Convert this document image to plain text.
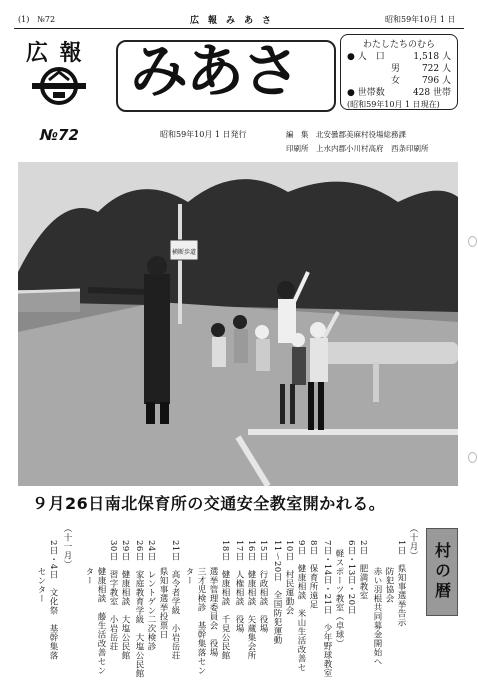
(1)　№72	広　報　み　あ　さ	昭和59年10月 1 日
広 報 みあさ	わたしたちのむら
● 人　口	1,518 人
男 722 人
女 796 人
● 世帯数	428 世帯
(昭和59年10月 1 日現在)
№72	昭和59年10月 1 日発行	編　集　 北安曇郡美麻村役場総務課
印刷所　 上水内郡小川村高府　西条印刷所
横断歩道
９月26日南北保育所の交通安全教室開かれる。
村の暦
（十月）
1日　県知事選挙告示
　　　防犯協会
　　　赤い羽根共同募金開始へ
2日　肥満教室
6日・13日・20日
　軽スポーツ教室（卓球）
7日・14日・21日　少年野球教室
8日　保育所遠足
9日　健康相談　米山生活改善セ
10日　村民運動会
11〜20日　全国防犯運動
15日　行政相談　役場
16日　健康相談　矢蔵集会所
17日　人権相談　役場
18日　健康相談　千見公民館
　　　選挙管理委員会　役場
　　　三才児検診　基幹集落セン
　　　ター
21日　高令者学級　小岩岳荘
　　　県知事選挙投票日
24日　レントゲン二次検診
26日　家庭教育学級　大塩公民館
29日　健康相談　大塩公民館
30日　習字教室　小岩岳荘
　　　健康相談　藤生活改善セン
　　　ター
（十一月）
2日・4日　文化祭　基幹集落
　　　センター
